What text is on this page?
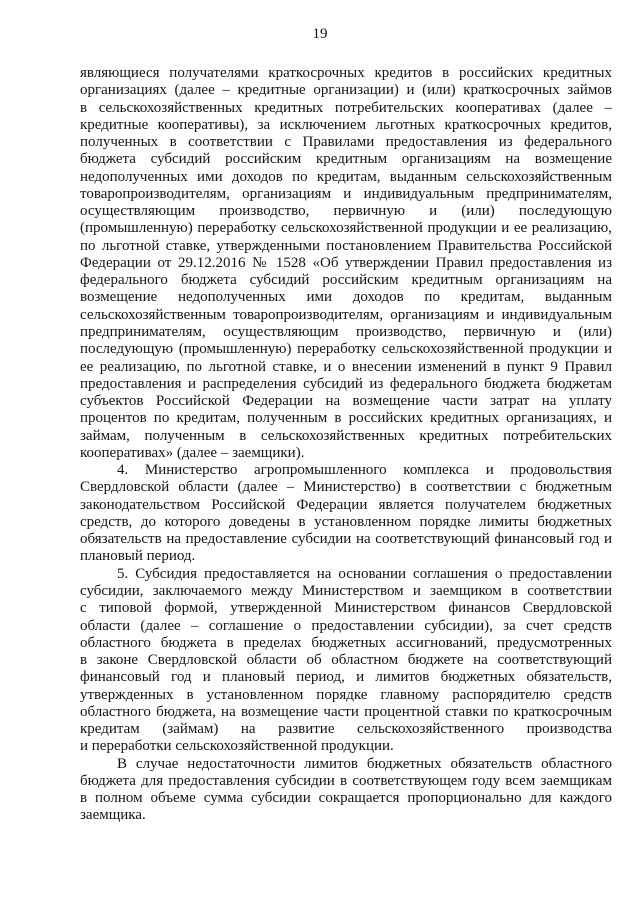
19
являющиеся получателями краткосрочных кредитов в российских кредитных
организациях (далее – кредитные организации) и (или) краткосрочных займов
в сельскохозяйственных кредитных потребительских кооперативах (далее –
кредитные кооперативы), за исключением льготных краткосрочных кредитов,
полученных в соответствии с Правилами предоставления из федерального
бюджета субсидий российским кредитным организациям на возмещение
недополученных ими доходов по кредитам, выданным сельскохозяйственным
товаропроизводителям, организациям и индивидуальным предпринимателям,
осуществляющим производство, первичную и (или) последующую
(промышленную) переработку сельскохозяйственной продукции и ее реализацию,
по льготной ставке, утвержденными постановлением Правительства Российской
Федерации от 29.12.2016 № 1528 «Об утверждении Правил предоставления из
федерального бюджета субсидий российским кредитным организациям на
возмещение недополученных ими доходов по кредитам, выданным
сельскохозяйственным товаропроизводителям, организациям и индивидуальным
предпринимателям, осуществляющим производство, первичную и (или)
последующую (промышленную) переработку сельскохозяйственной продукции и
ее реализацию, по льготной ставке, и о внесении изменений в пункт 9 Правил
предоставления и распределения субсидий из федерального бюджета бюджетам
субъектов Российской Федерации на возмещение части затрат на уплату
процентов по кредитам, полученным в российских кредитных организациях, и
займам, полученным в сельскохозяйственных кредитных потребительских
кооперативах» (далее – заемщики).
4. Министерство агропромышленного комплекса и продовольствия
Свердловской области (далее – Министерство) в соответствии с бюджетным
законодательством Российской Федерации является получателем бюджетных
средств, до которого доведены в установленном порядке лимиты бюджетных
обязательств на предоставление субсидии на соответствующий финансовый год и
плановый период.
5. Субсидия предоставляется на основании соглашения о предоставлении
субсидии, заключаемого между Министерством и заемщиком в соответствии
с типовой формой, утвержденной Министерством финансов Свердловской
области (далее – соглашение о предоставлении субсидии), за счет средств
областного бюджета в пределах бюджетных ассигнований, предусмотренных
в законе Свердловской области об областном бюджете на соответствующий
финансовый год и плановый период, и лимитов бюджетных обязательств,
утвержденных в установленном порядке главному распорядителю средств
областного бюджета, на возмещение части процентной ставки по краткосрочным
кредитам (займам) на развитие сельскохозяйственного производства
и переработки сельскохозяйственной продукции.
В случае недостаточности лимитов бюджетных обязательств областного
бюджета для предоставления субсидии в соответствующем году всем заемщикам
в полном объеме сумма субсидии сокращается пропорционально для каждого
заемщика.
